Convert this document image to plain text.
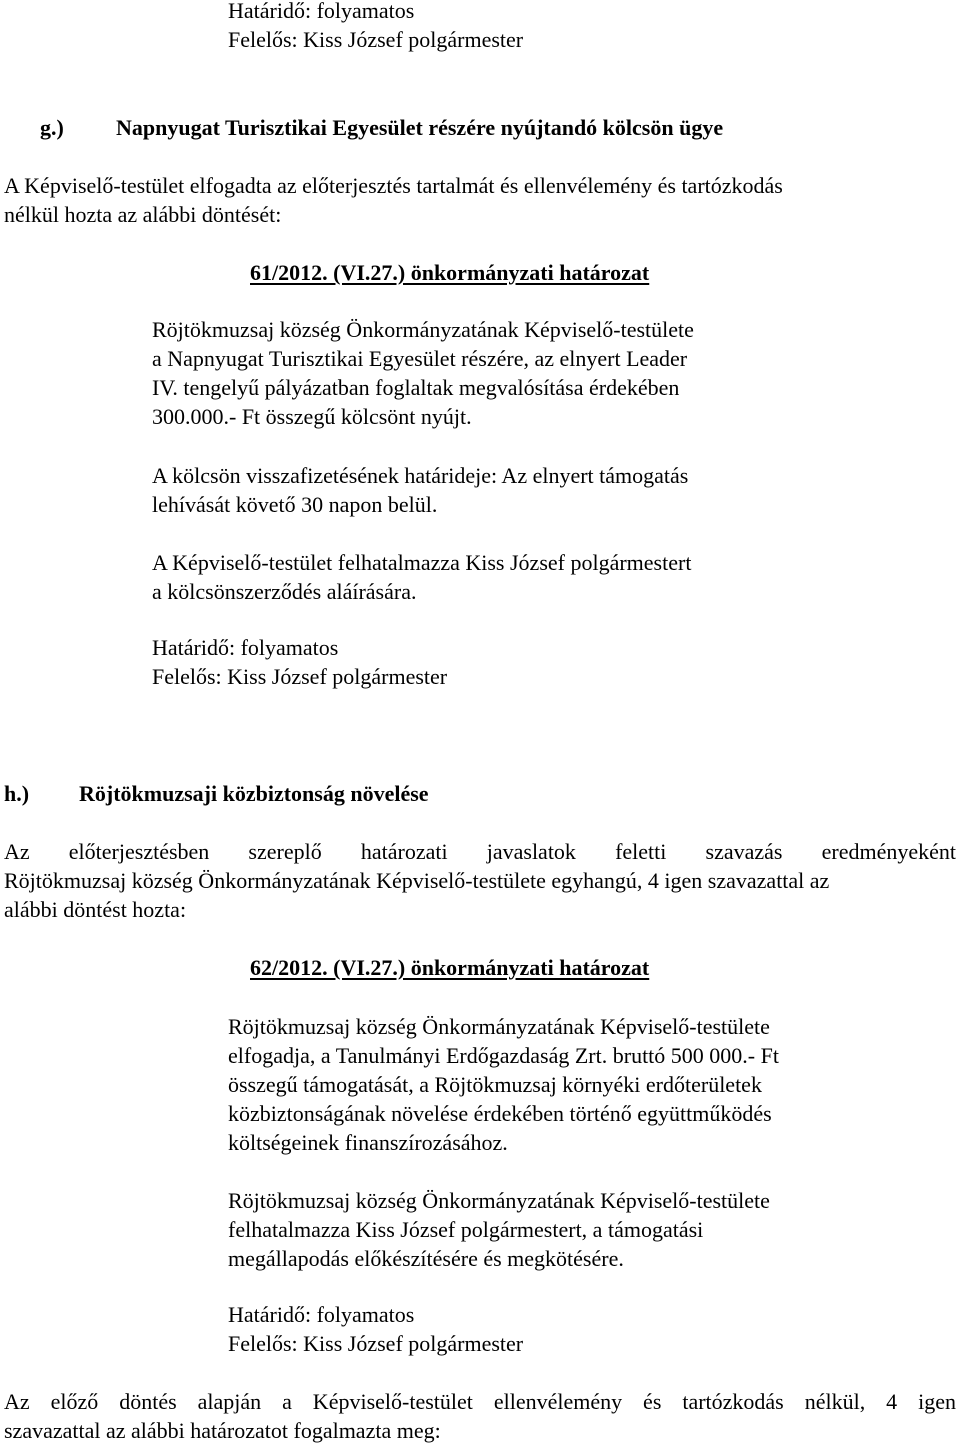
Határidő: folyamatos
Felelős: Kiss József polgármester
g.) Napnyugat Turisztikai Egyesület részére nyújtandó kölcsön ügye
A Képviselő-testület elfogadta az előterjesztés tartalmát és ellenvélemény és tartózkodás
nélkül hozta az alábbi döntését:
61/2012. (VI.27.) önkormányzati határozat
Röjtökmuzsaj község Önkormányzatának Képviselő-testülete
a Napnyugat Turisztikai Egyesület részére, az elnyert Leader
IV. tengelyű pályázatban foglaltak megvalósítása érdekében
300.000.- Ft összegű kölcsönt nyújt.
A kölcsön visszafizetésének határideje: Az elnyert támogatás
lehívását követő 30 napon belül.
A Képviselő-testület felhatalmazza Kiss József polgármestert
a kölcsönszerződés aláírására.
Határidő: folyamatos
Felelős: Kiss József polgármester
h.) Röjtökmuzsaji közbiztonság növelése
Az előterjesztésben szereplő határozati javaslatok feletti szavazás eredményeként
Röjtökmuzsaj község Önkormányzatának Képviselő-testülete egyhangú, 4 igen szavazattal az
alábbi döntést hozta:
62/2012. (VI.27.) önkormányzati határozat
Röjtökmuzsaj község Önkormányzatának Képviselő-testülete
elfogadja, a Tanulmányi Erdőgazdaság Zrt. bruttó 500 000.- Ft
összegű támogatását, a Röjtökmuzsaj környéki erdőterületek
közbiztonságának növelése érdekében történő együttműködés
költségeinek finanszírozásához.
Röjtökmuzsaj község Önkormányzatának Képviselő-testülete
felhatalmazza Kiss József polgármestert, a támogatási
megállapodás előkészítésére és megkötésére.
Határidő: folyamatos
Felelős: Kiss József polgármester
Az előző döntés alapján a Képviselő-testület ellenvélemény és tartózkodás nélkül, 4 igen
szavazattal az alábbi határozatot fogalmazta meg:
